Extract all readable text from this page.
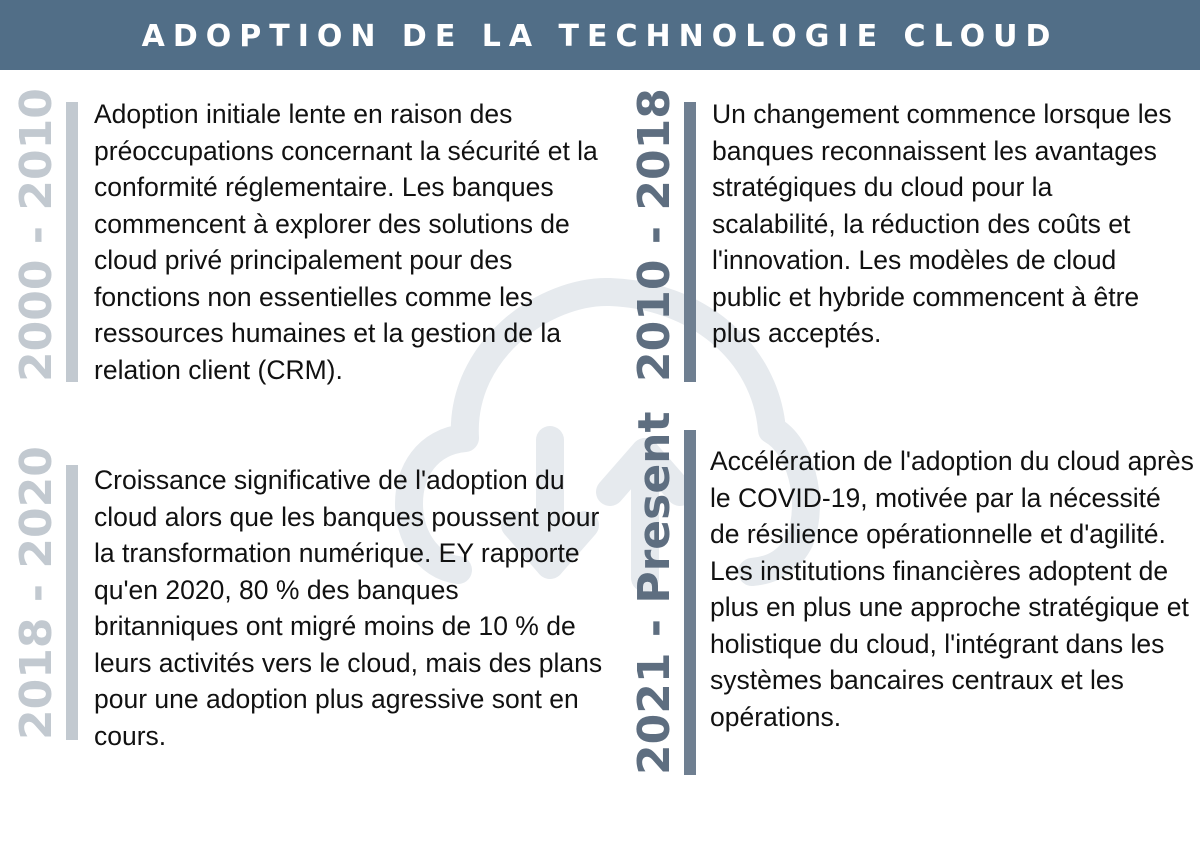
ADOPTION DE LA TECHNOLOGIE CLOUD
2000 - 2010 Adoption initiale lente en raison des préoccupations concernant la sécurité et la conformité réglementaire. Les banques commencent à explorer des solutions de cloud privé principalement pour des fonctions non essentielles comme les ressources humaines et la gestion de la relation client (CRM).	2010 - 2018 Un changement commence lorsque les banques reconnaissent les avantages stratégiques du cloud pour la scalabilité, la réduction des coûts et l'innovation. Les modèles de cloud public et hybride commencent à être plus acceptés.
2018 - 2020 Croissance significative de l'adoption du cloud alors que les banques poussent pour la transformation numérique. EY rapporte qu'en 2020, 80 % des banques britanniques ont migré moins de 10 % de leurs activités vers le cloud, mais des plans pour une adoption plus agressive sont en cours.	2021 - Present Accélération de l'adoption du cloud après le COVID-19, motivée par la nécessité de résilience opérationnelle et d'agilité. Les institutions financières adoptent de plus en plus une approche stratégique et holistique du cloud, l'intégrant dans les systèmes bancaires centraux et les opérations.
